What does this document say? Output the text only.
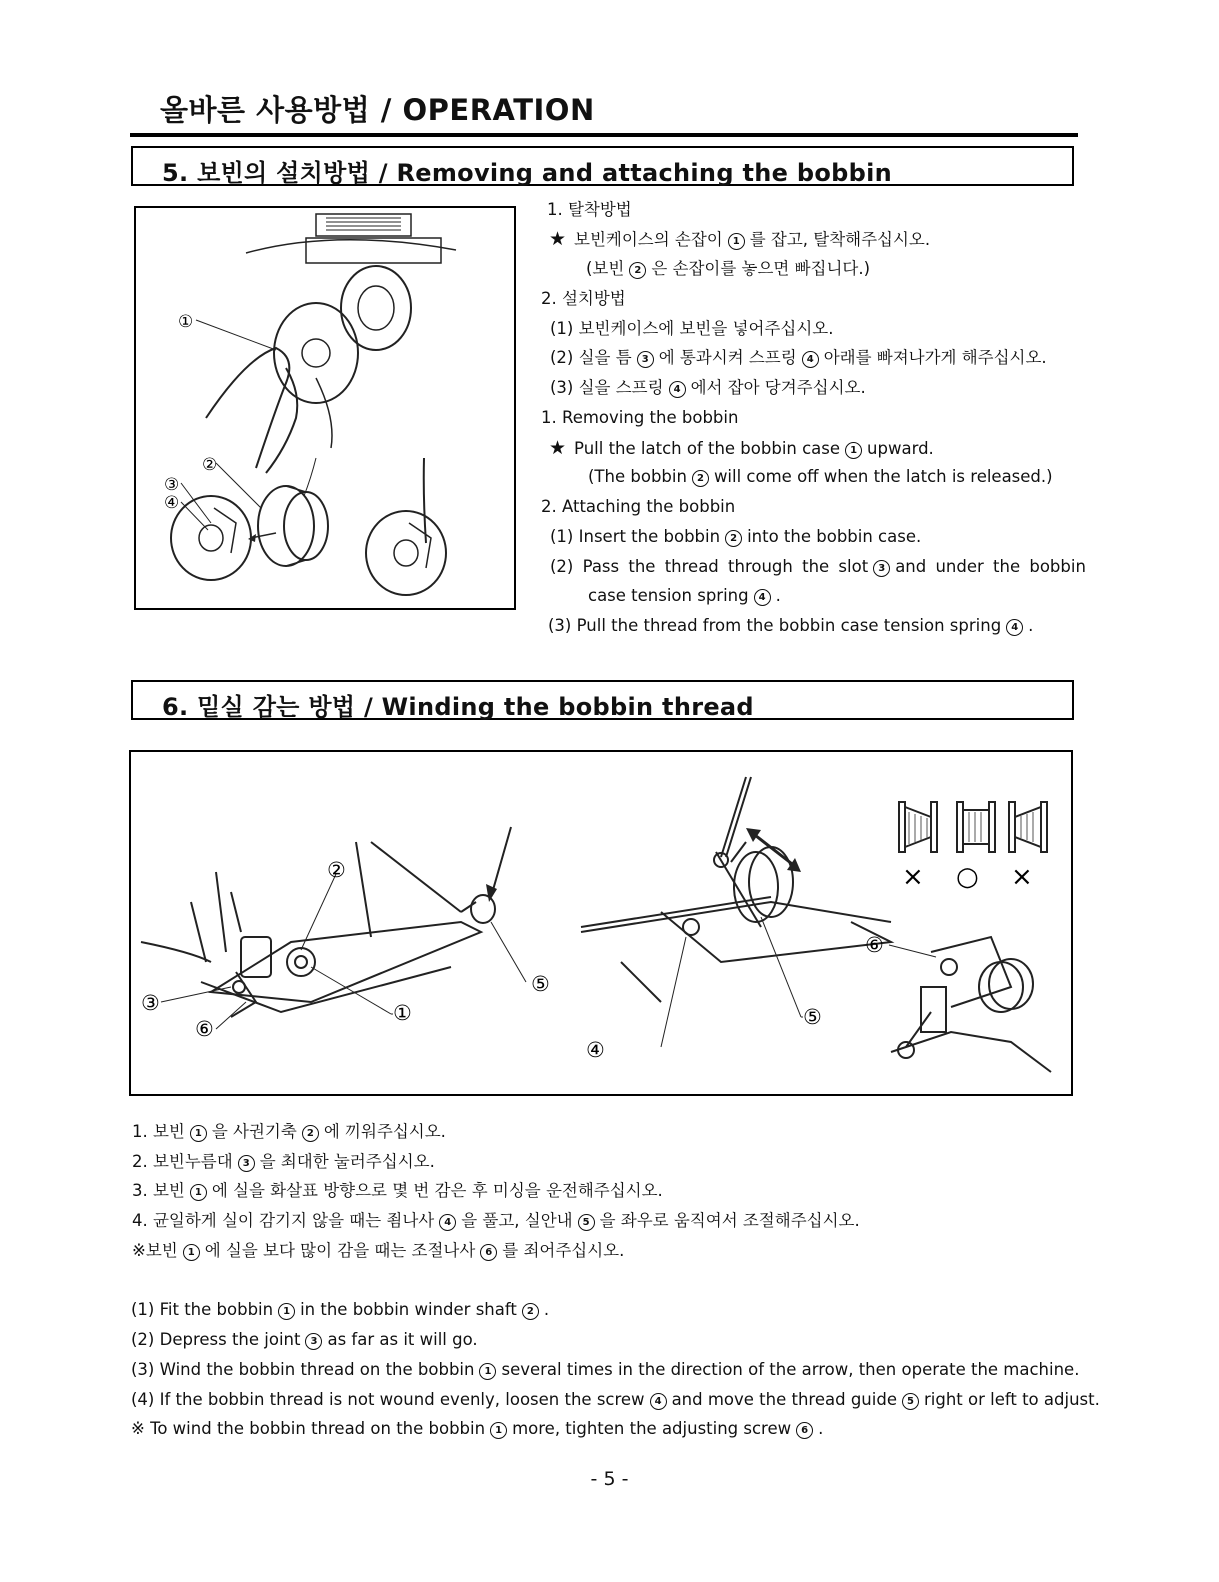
올바른 사용방법 / OPERATION
5. 보빈의 설치방법 / Removing and attaching the bobbin
①
②
③
④
1. 탈착방법
★ 보빈케이스의 손잡이 1 를 잡고, 탈착해주십시오.
(보빈 2 은 손잡이를 놓으면 빠집니다.)
2. 설치방법
(1) 보빈케이스에 보빈을 넣어주십시오.
(2) 실을 틈 3 에 통과시켜 스프링 4 아래를 빠져나가게 해주십시오.
(3) 실을 스프링 4 에서 잡아 당겨주십시오.
1. Removing the bobbin
★ Pull the latch of the bobbin case 1 upward.
(The bobbin 2 will come off when the latch is released.)
2. Attaching the bobbin
(1) Insert the bobbin 2 into the bobbin case.
(2) Pass the thread through the slot 3 and under the bobbin
case tension spring 4 .
(3) Pull the thread from the bobbin case tension spring 4 .
6. 밑실 감는 방법 / Winding the bobbin thread
②
③
⑥
①
⑤
④
⑤
× ○ ×
⑥
1. 보빈 1 을 사권기축 2 에 끼워주십시오.
2. 보빈누름대 3 을 최대한 눌러주십시오.
3. 보빈 1 에 실을 화살표 방향으로 몇 번 감은 후 미싱을 운전해주십시오.
4. 균일하게 실이 감기지 않을 때는 죔나사 4 을 풀고, 실안내 5 을 좌우로 움직여서 조절해주십시오.
※보빈 1 에 실을 보다 많이 감을 때는 조절나사 6 를 죄어주십시오.
(1) Fit the bobbin 1 in the bobbin winder shaft 2 .
(2) Depress the joint 3 as far as it will go.
(3) Wind the bobbin thread on the bobbin 1 several times in the direction of the arrow, then operate the machine.
(4) If the bobbin thread is not wound evenly, loosen the screw 4 and move the thread guide 5 right or left to adjust.
※ To wind the bobbin thread on the bobbin 1 more, tighten the adjusting screw 6 .
- 5 -
